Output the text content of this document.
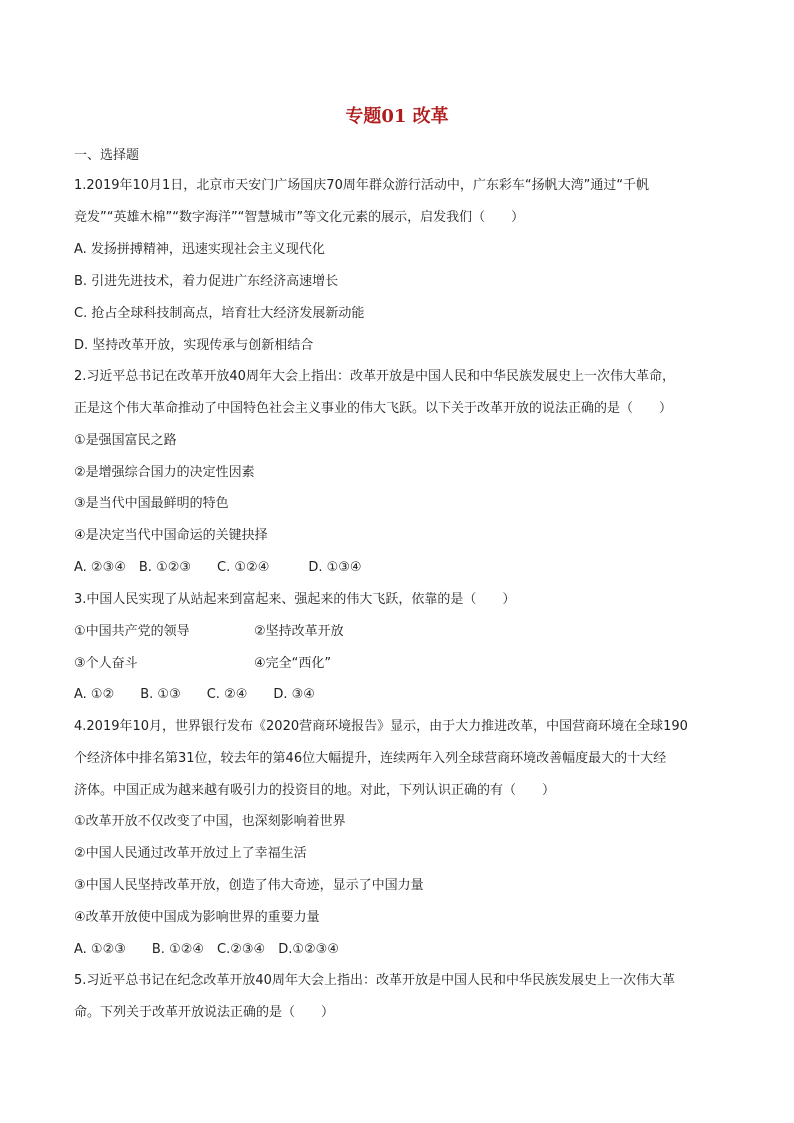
专题01 改革
一、选择题
1.2019年10月1日，北京市天安门广场国庆70周年群众游行活动中，广东彩车“扬帆大湾”通过“千帆
竞发”“英雄木棉”“数字海洋”“智慧城市”等文化元素的展示，启发我们（　　）
A. 发扬拼搏精神，迅速实现社会主义现代化
B. 引进先进技术，着力促进广东经济高速增长
C. 抢占全球科技制高点，培育壮大经济发展新动能
D. 坚持改革开放，实现传承与创新相结合
2.习近平总书记在改革开放40周年大会上指出：改革开放是中国人民和中华民族发展史上一次伟大革命，
正是这个伟大革命推动了中国特色社会主义事业的伟大飞跃。以下关于改革开放的说法正确的是（　　）
①是强国富民之路
②是增强综合国力的决定性因素
③是当代中国最鲜明的特色
④是决定当代中国命运的关键抉择
A. ②③④　B. ①②③　　C. ①②④　　　D. ①③④
3.中国人民实现了从站起来到富起来、强起来的伟大飞跃，依靠的是（　　）
①中国共产党的领导	②坚持改革开放
③个人奋斗	④完全“西化”
A. ①②　　B. ①③　　C. ②④　　D. ③④
4.2019年10月，世界银行发布《2020营商环境报告》显示，由于大力推进改革，中国营商环境在全球190
个经济体中排名第31位，较去年的第46位大幅提升，连续两年入列全球营商环境改善幅度最大的十大经
济体。中国正成为越来越有吸引力的投资目的地。对此，下列认识正确的有（　　）
①改革开放不仅改变了中国，也深刻影响着世界
②中国人民通过改革开放过上了幸福生活
③中国人民坚持改革开放，创造了伟大奇迹，显示了中国力量
④改革开放使中国成为影响世界的重要力量
A. ①②③　　B. ①②④　C.②③④　D.①②③④
5.习近平总书记在纪念改革开放40周年大会上指出：改革开放是中国人民和中华民族发展史上一次伟大革
命。下列关于改革开放说法正确的是（　　）
